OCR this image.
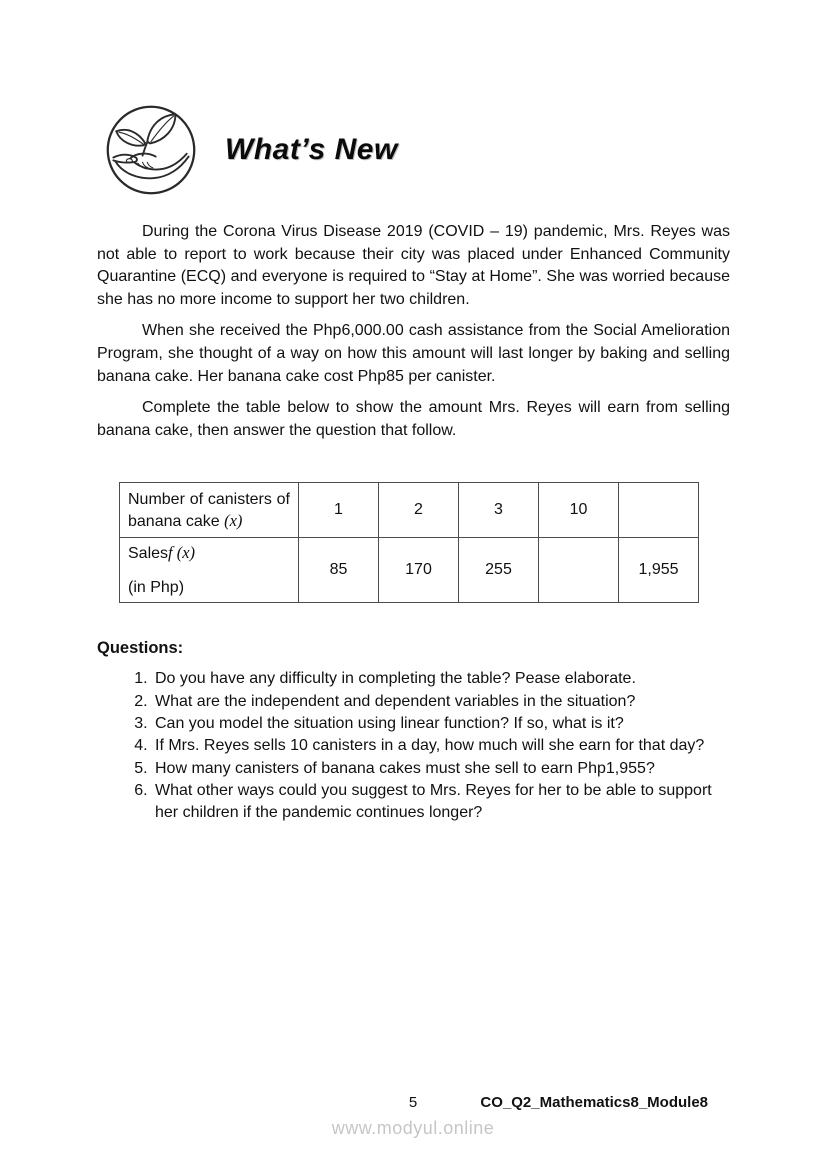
What’s New

During the Corona Virus Disease 2019 (COVID – 19) pandemic, Mrs. Reyes was not able to report to work because their city was placed under Enhanced Community Quarantine (ECQ) and everyone is required to “Stay at Home”. She was worried because she has no more income to support her two children.

When she received the Php6,000.00 cash assistance from the Social Amelioration Program, she thought of a way on how this amount will last longer by baking and selling banana cake. Her banana cake cost Php85 per canister.

Complete the table below to show the amount Mrs. Reyes will earn from selling banana cake, then answer the question that follow.

Number of canisters of banana cake (x)	1	2	3	10	

Salesf (x)
(in Php)	85	170	255		1,955
Questions:
1. Do you have any difficulty in completing the table? Pease elaborate.
2. What are the independent and dependent variables in the situation?
3. Can you model the situation using linear function? If so, what is it?
4. If Mrs. Reyes sells 10 canisters in a day, how much will she earn for that day?
5. How many canisters of banana cakes must she sell to earn Php1,955?
6. What other ways could you suggest to Mrs. Reyes for her to be able to support her children if the pandemic continues longer?
5	CO_Q2_Mathematics8_Module8
www.modyul.online
